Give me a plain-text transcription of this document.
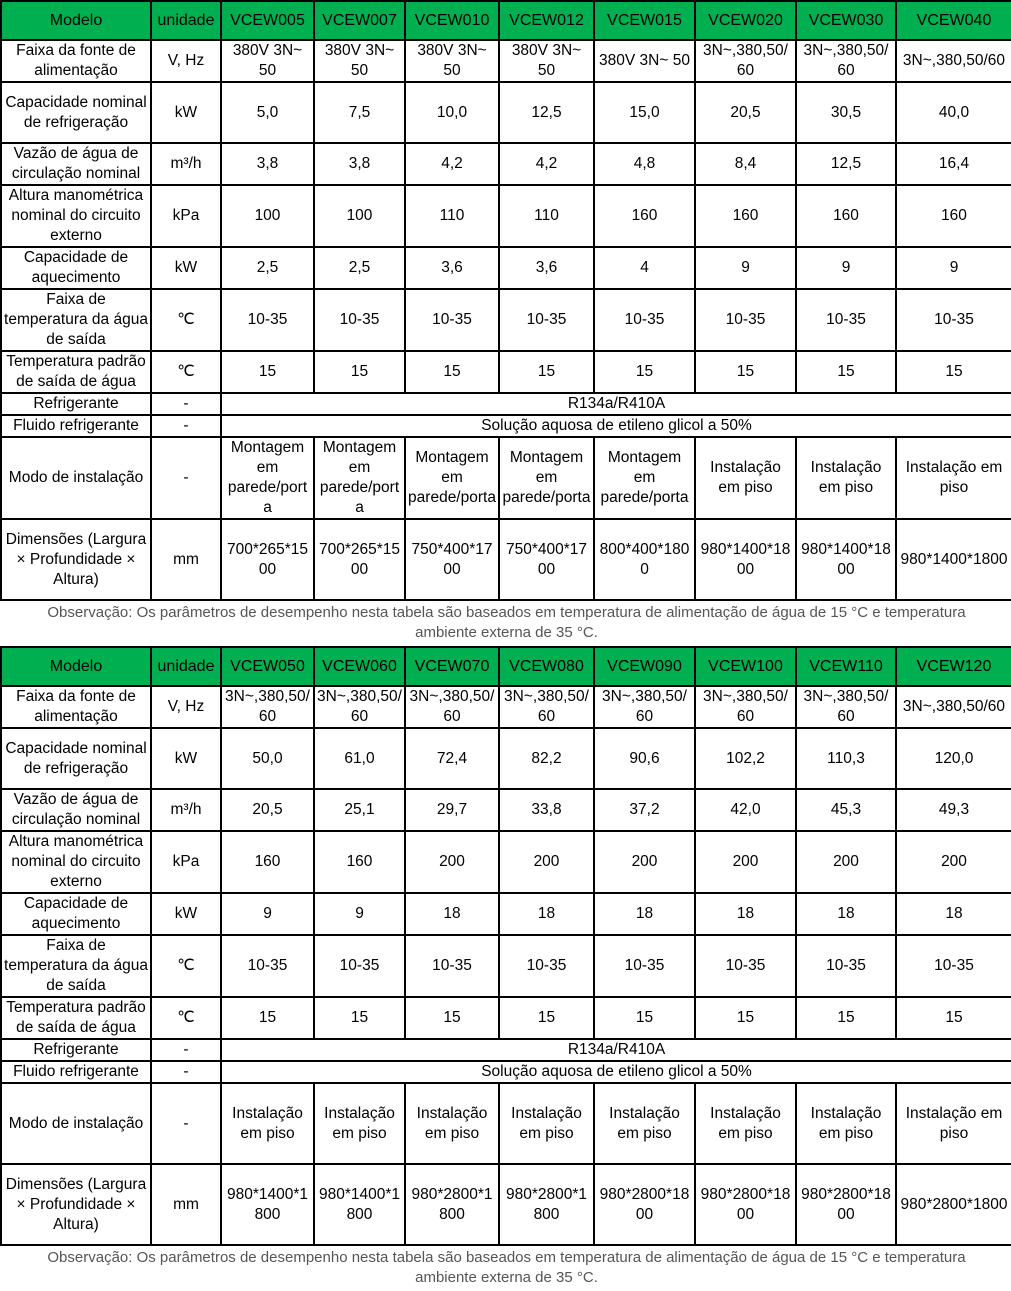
Modelo	unidade	VCEW005	VCEW007	VCEW010	VCEW012	VCEW015	VCEW020	VCEW030	VCEW040
Faixa da fonte de alimentação	V, Hz	380V 3N~ 50	380V 3N~ 50	380V 3N~ 50	380V 3N~ 50	380V 3N~ 50	3N~,380,50/ 60	3N~,380,50/ 60	3N~,380,50/60
Capacidade nominal de refrigeração	kW	5,0	7,5	10,0	12,5	15,0	20,5	30,5	40,0
Vazão de água de circulação nominal	m³/h	3,8	3,8	4,2	4,2	4,8	8,4	12,5	16,4
Altura manométrica nominal do circuito externo	kPa	100	100	110	110	160	160	160	160
Capacidade de aquecimento	kW	2,5	2,5	3,6	3,6	4	9	9	9
Faixa de temperatura da água de saída	℃	10-35	10-35	10-35	10-35	10-35	10-35	10-35	10-35
Temperatura padrão de saída de água	℃	15	15	15	15	15	15	15	15
Refrigerante	-	R134a/R410A							
Fluido refrigerante	-	Solução aquosa de etileno glicol a 50%							
Modo de instalação	-	Montagem em parede/porta	Montagem em parede/porta	Montagem em parede/porta	Montagem em parede/porta	Montagem em parede/porta	Instalação em piso	Instalação em piso	Instalação em piso
Dimensões (Largura × Profundidade × Altura)	mm	700*265*1500	700*265*1500	750*400*1700	750*400*1700	800*400*1800	980*1400*1800	980*1400*1800	980*1400*1800
Observação: Os parâmetros de desempenho nesta tabela são baseados em temperatura de alimentação de água de 15 °C e temperatura ambiente externa de 35 °C.									
Modelo	unidade	VCEW050	VCEW060	VCEW070	VCEW080	VCEW090	VCEW100	VCEW110	VCEW120
Faixa da fonte de alimentação	V, Hz	3N~,380,50/60	3N~,380,50/60	3N~,380,50/ 60	3N~,380,50/ 60	3N~,380,50/ 60	3N~,380,50/ 60	3N~,380,50/ 60	3N~,380,50/60
Capacidade nominal de refrigeração	kW	50,0	61,0	72,4	82,2	90,6	102,2	110,3	120,0
Vazão de água de circulação nominal	m³/h	20,5	25,1	29,7	33,8	37,2	42,0	45,3	49,3
Altura manométrica nominal do circuito externo	kPa	160	160	200	200	200	200	200	200
Capacidade de aquecimento	kW	9	9	18	18	18	18	18	18
Faixa de temperatura da água de saída	℃	10-35	10-35	10-35	10-35	10-35	10-35	10-35	10-35
Temperatura padrão de saída de água	℃	15	15	15	15	15	15	15	15
Refrigerante	-	R134a/R410A							
Fluido refrigerante	-	Solução aquosa de etileno glicol a 50%							
Modo de instalação	-	Instalação em piso	Instalação em piso	Instalação em piso	Instalação em piso	Instalação em piso	Instalação em piso	Instalação em piso	Instalação em piso
Dimensões (Largura × Profundidade × Altura)	mm	980*1400*1800	980*1400*1800	980*2800*1800	980*2800*1800	980*2800*1800	980*2800*1800	980*2800*1800	980*2800*1800
Observação: Os parâmetros de desempenho nesta tabela são baseados em temperatura de alimentação de água de 15 °C e temperatura ambiente externa de 35 °C.									
